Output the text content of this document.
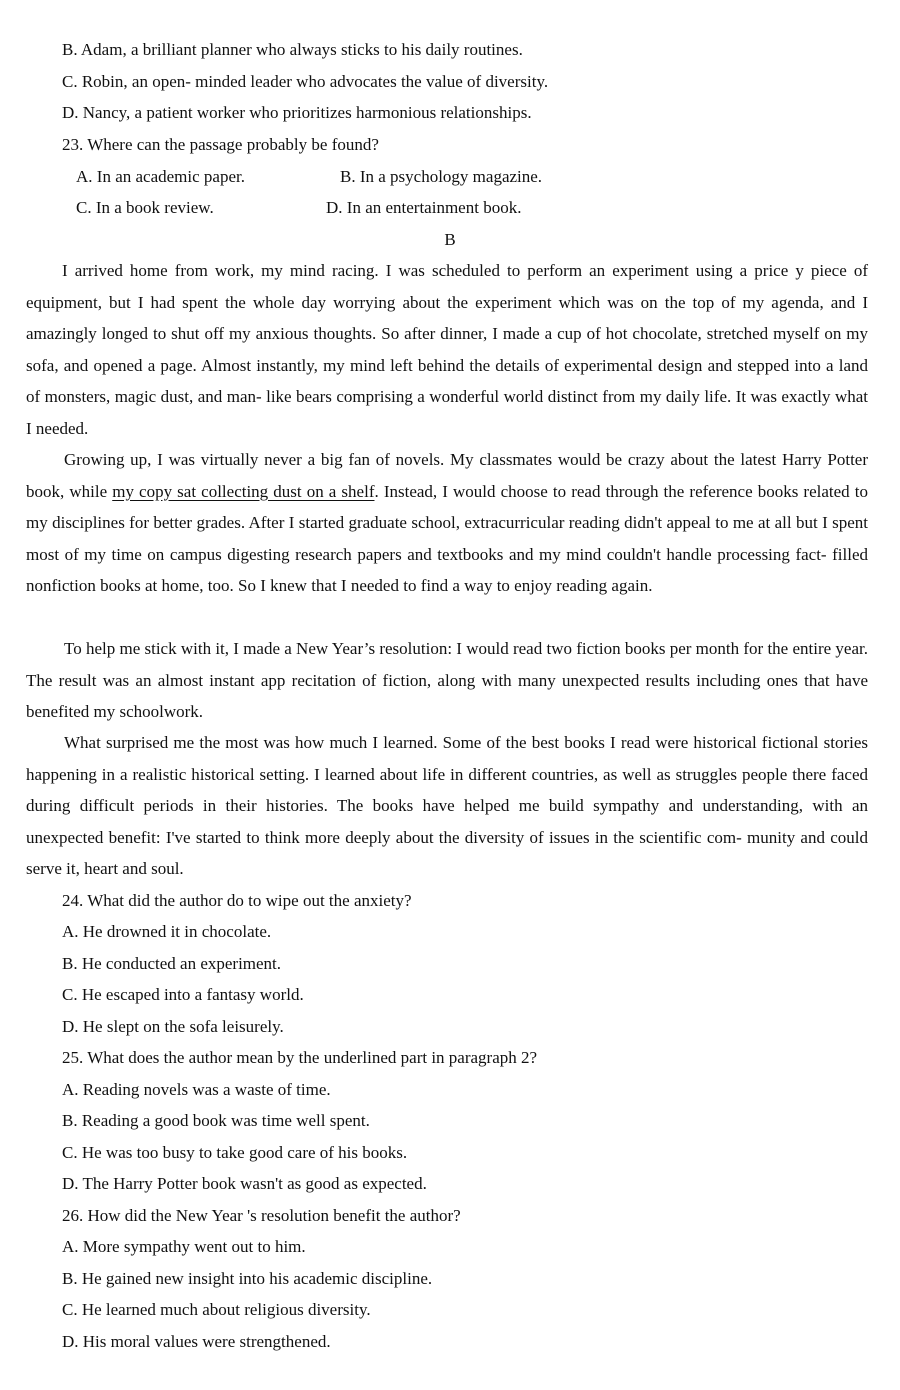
B. Adam, a brilliant planner who always sticks to his daily routines.
C. Robin, an open- minded leader who advocates the value of diversity.
D. Nancy, a patient worker who prioritizes harmonious relationships.
23. Where can the passage probably be found?
A. In an academic paper.	B. In a psychology magazine.
C. In a book review.	D. In an entertainment book.
B
I arrived home from work, my mind racing. I was scheduled to perform an experiment using a price y piece of equipment, but I had spent the whole day worrying about the experiment which was on the top of my agenda, and I amazingly longed to shut off my anxious thoughts. So after dinner, I made a cup of hot chocolate, stretched myself on my sofa, and opened a page. Almost instantly, my mind left behind the details of experimental design and stepped into a land of monsters, magic dust, and man- like bears comprising a wonderful world distinct from my daily life. It was exactly what I needed.
Growing up, I was virtually never a big fan of novels. My classmates would be crazy about the latest Harry Potter book, while my copy sat collecting dust on a shelf. Instead, I would choose to read through the reference books related to my disciplines for better grades. After I started graduate school, extracurricular reading didn't appeal to me at all but I spent most of my time on campus digesting research papers and textbooks and my mind couldn't handle processing fact- filled nonfiction books at home, too. So I knew that I needed to find a way to enjoy reading again.
To help me stick with it, I made a New Year’s resolution: I would read two fiction books per month for the entire year. The result was an almost instant app recitation of fiction, along with many unexpected results including ones that have benefited my schoolwork.
What surprised me the most was how much I learned. Some of the best books I read were historical fictional stories happening in a realistic historical setting. I learned about life in different countries, as well as struggles people there faced during difficult periods in their histories. The books have helped me build sympathy and understanding, with an unexpected benefit: I've started to think more deeply about the diversity of issues in the scientific com- munity and could serve it, heart and soul.
24. What did the author do to wipe out the anxiety?
A. He drowned it in chocolate.
B. He conducted an experiment.
C. He escaped into a fantasy world.
D. He slept on the sofa leisurely.
25. What does the author mean by the underlined part in paragraph 2?
A. Reading novels was a waste of time.
B. Reading a good book was time well spent.
C. He was too busy to take good care of his books.
D. The Harry Potter book wasn't as good as expected.
26. How did the New Year 's resolution benefit the author?
A. More sympathy went out to him.
B. He gained new insight into his academic discipline.
C. He learned much about religious diversity.
D. His moral values were strengthened.
